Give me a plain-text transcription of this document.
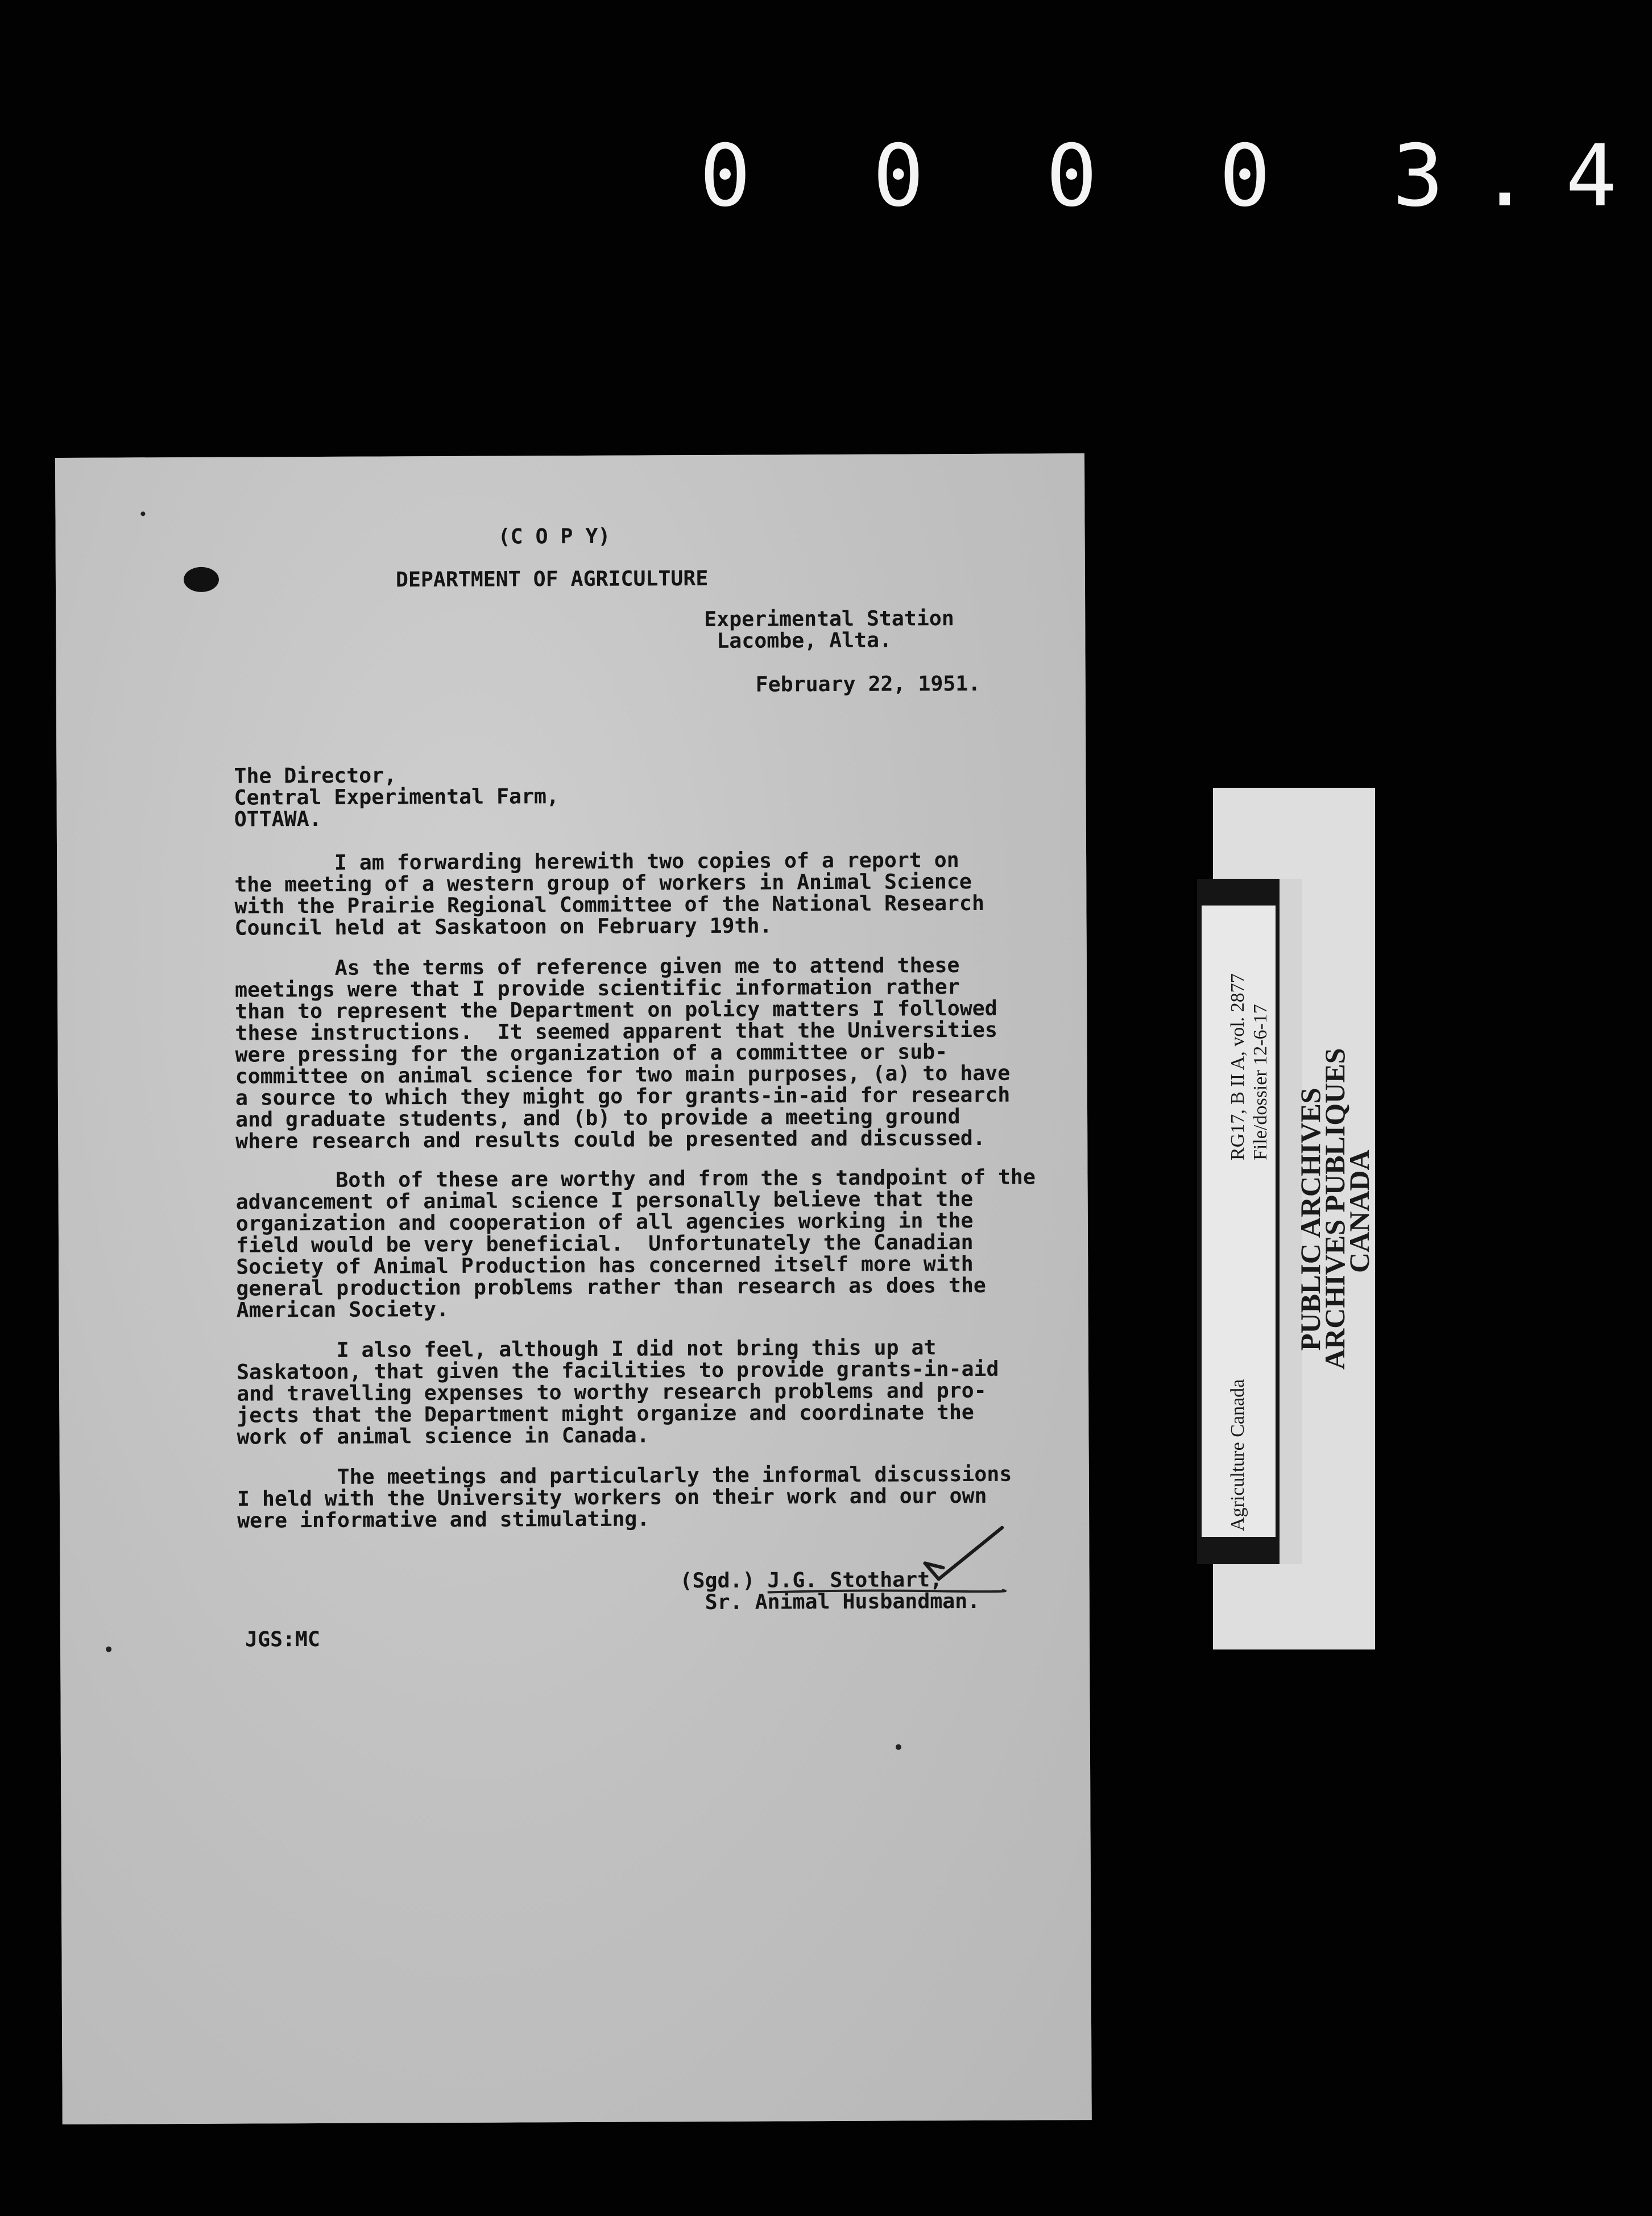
0 0 0 0 3.4
(C O P Y)
DEPARTMENT OF AGRICULTURE
Experimental Station
Lacombe, Alta.
February 22, 1951.
The Director,
Central Experimental Farm,
OTTAWA.
I am forwarding herewith two copies of a report on
the meeting of a western group of workers in Animal Science
with the Prairie Regional Committee of the National Research
Council held at Saskatoon on February 19th.
As the terms of reference given me to attend these
meetings were that I provide scientific information rather
than to represent the Department on policy matters I followed
these instructions.  It seemed apparent that the Universities
were pressing for the organization of a committee or sub-
committee on animal science for two main purposes, (a) to have
a source to which they might go for grants-in-aid for research
and graduate students, and (b) to provide a meeting ground
where research and results could be presented and discussed.
Both of these are worthy and from the s tandpoint of the
advancement of animal science I personally believe that the
organization and cooperation of all agencies working in the
field would be very beneficial.  Unfortunately the Canadian
Society of Animal Production has concerned itself more with
general production problems rather than research as does the
American Society.
I also feel, although I did not bring this up at
Saskatoon, that given the facilities to provide grants-in-aid
and travelling expenses to worthy research problems and pro-
jects that the Department might organize and coordinate the
work of animal science in Canada.
The meetings and particularly the informal discussions
I held with the University workers on their work and our own
were informative and stimulating.
(Sgd.) J.G. Stothart,
Sr. Animal Husbandman.
JGS:MC
RG17, B II A, vol. 2877 File/dossier 12-6-17
Agriculture Canada
PUBLIC ARCHIVES
ARCHIVES PUBLIQUES
CANADA
